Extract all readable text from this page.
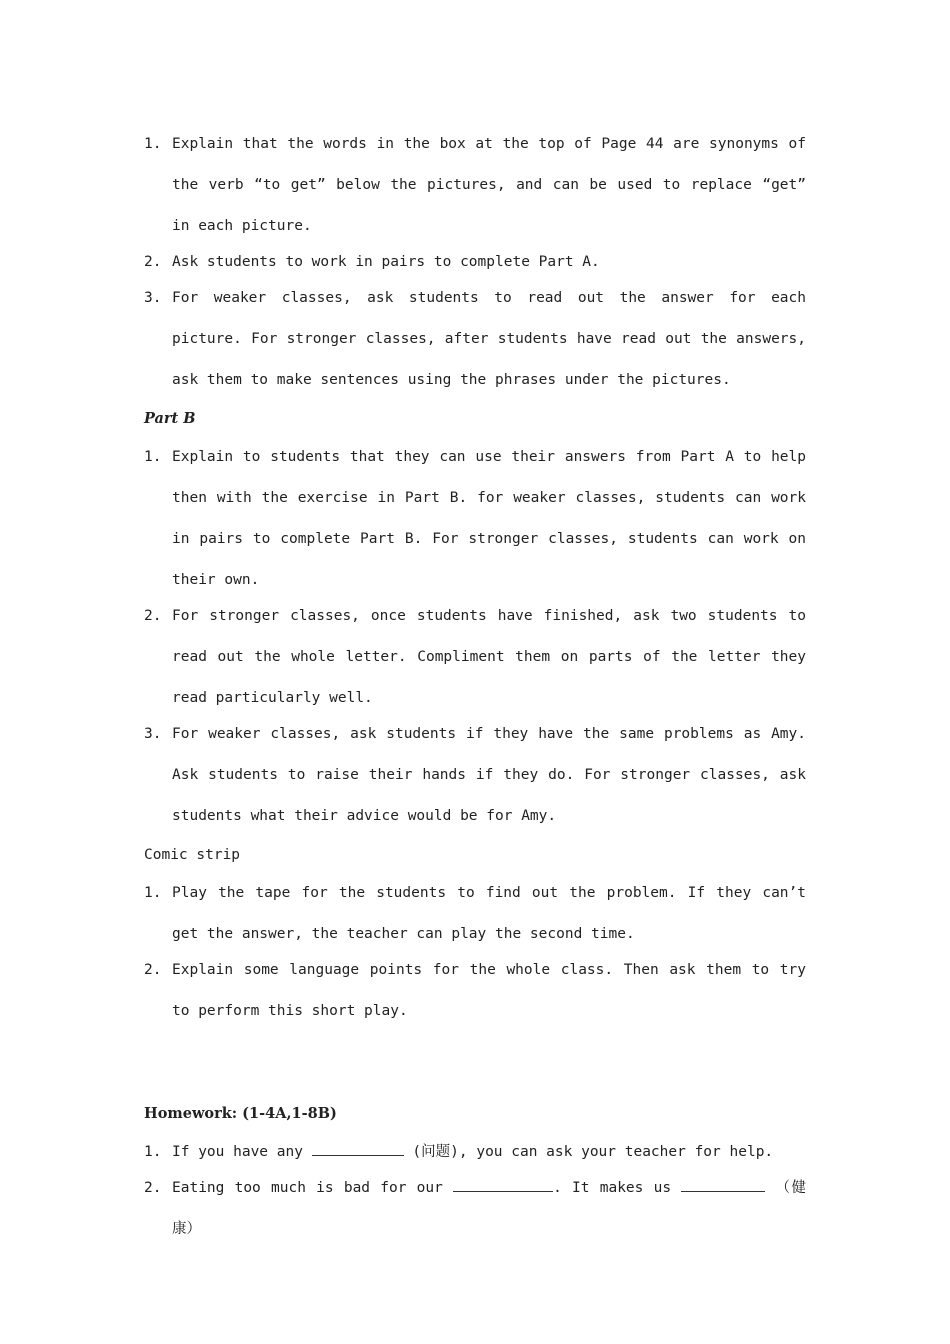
1. Explain that the words in the box at the top of Page 44 are synonyms of the verb “to get” below the pictures, and can be used to replace “get” in each picture.
2. Ask students to work in pairs to complete Part A.
3. For weaker classes, ask students to read out the answer for each picture. For stronger classes, after students have read out the answers, ask them to make sentences using the phrases under the pictures.
Part B
1. Explain to students that they can use their answers from Part A to help then with the exercise in Part B. for weaker classes, students can work in pairs to complete Part B. For stronger classes, students can work on their own.
2. For stronger classes, once students have finished, ask two students to read out the whole letter. Compliment them on parts of the letter they read particularly well.
3. For weaker classes, ask students if they have the same problems as Amy. Ask students to raise their hands if they do. For stronger classes, ask students what their advice would be for Amy.
Comic strip
1. Play the tape for the students to find out the problem. If they can’t get the answer, the teacher can play the second time.
2. Explain some language points for the whole class. Then ask them to try to perform this short play.
Homework: (1-4A,1-8B)
1. If you have any	(问题), you can ask your teacher for help.
2. Eating too much is bad for our	. It makes us	（健康）
